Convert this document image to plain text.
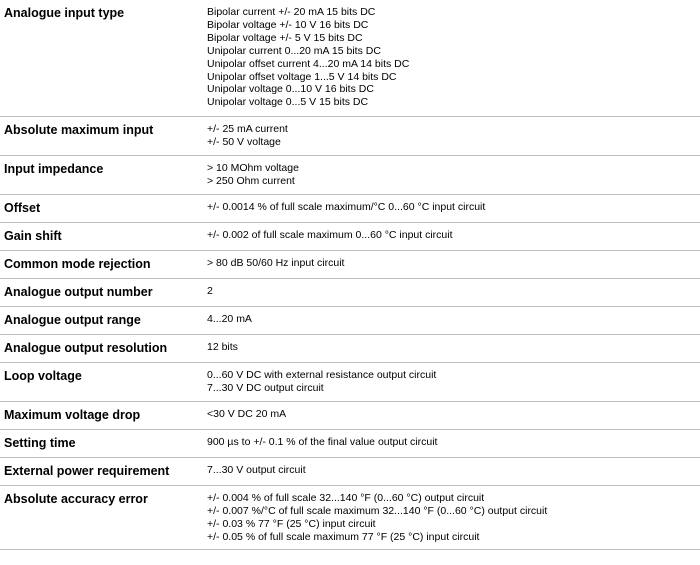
Analogue input type	Bipolar current +/- 20 mA 15 bits DC
Bipolar voltage +/- 10 V 16 bits DC
Bipolar voltage +/- 5 V 15 bits DC
Unipolar current 0...20 mA 15 bits DC
Unipolar offset current 4...20 mA 14 bits DC
Unipolar offset voltage 1...5 V 14 bits DC
Unipolar voltage 0...10 V 16 bits DC
Unipolar voltage 0...5 V 15 bits DC
Absolute maximum input	+/- 25 mA current
+/- 50 V voltage
Input impedance	> 10 MOhm voltage
> 250 Ohm current
Offset	+/- 0.0014 % of full scale maximum/°C 0...60 °C input circuit
Gain shift	+/- 0.002 of full scale maximum 0...60 °C input circuit
Common mode rejection	> 80 dB 50/60 Hz input circuit
Analogue output number	2
Analogue output range	4...20 mA
Analogue output resolution	12 bits
Loop voltage	0...60 V DC with external resistance output circuit
7...30 V DC output circuit
Maximum voltage drop	<30 V DC 20 mA
Setting time	900 µs to +/- 0.1 % of the final value output circuit
External power requirement	7...30 V output circuit
Absolute accuracy error	+/- 0.004 % of full scale 32...140 °F (0...60 °C) output circuit
+/- 0.007 %/°C of full scale maximum 32...140 °F (0...60 °C) output circuit
+/- 0.03 % 77 °F (25 °C) input circuit
+/- 0.05 % of full scale maximum 77 °F (25 °C) input circuit
